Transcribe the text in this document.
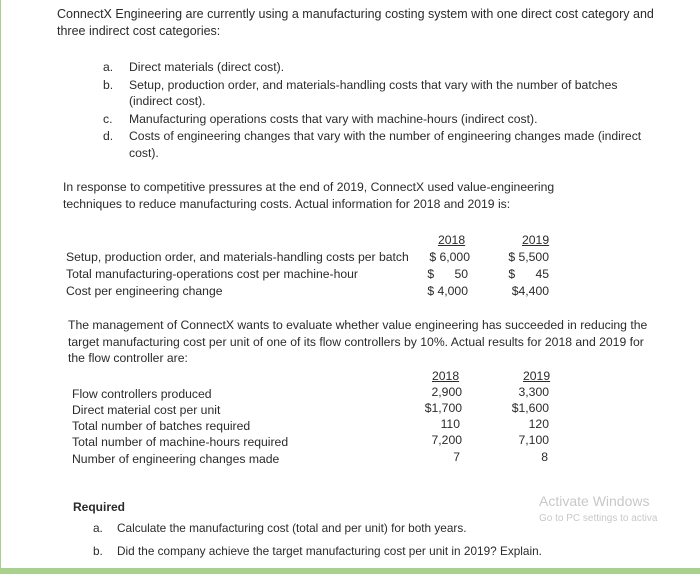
ConnectX Engineering are currently using a manufacturing costing system with one direct cost category and three indirect cost categories:
a.	Direct materials (direct cost).
b.	Setup, production order, and materials-handling costs that vary with the number of batches (indirect cost).
c.	Manufacturing operations costs that vary with machine-hours (indirect cost).
d.	Costs of engineering changes that vary with the number of engineering changes made (indirect cost).
In response to competitive pressures at the end of 2019, ConnectX used value-engineering techniques to reduce manufacturing costs. Actual information for 2018 and 2019 is:
2018	2019
Setup, production order, and materials-handling costs per batch	$ 6,000	$ 5,500
Total manufacturing-operations cost per machine-hour	$      50	$      45
Cost per engineering change	$ 4,000	$4,400
The management of ConnectX wants to evaluate whether value engineering has succeeded in reducing the target manufacturing cost per unit of one of its flow controllers by 10%. Actual results for 2018 and 2019 for the flow controller are:
2018	2019
Flow controllers produced	2,900	3,300
Direct material cost per unit	$1,700	$1,600
Total number of batches required	110	120
Total number of machine-hours required	7,200	7,100
Number of engineering changes made	7	8
Required
a. Calculate the manufacturing cost (total and per unit) for both years.
b. Did the company achieve the target manufacturing cost per unit in 2019? Explain.
Activate Windows
Go to PC settings to activa
